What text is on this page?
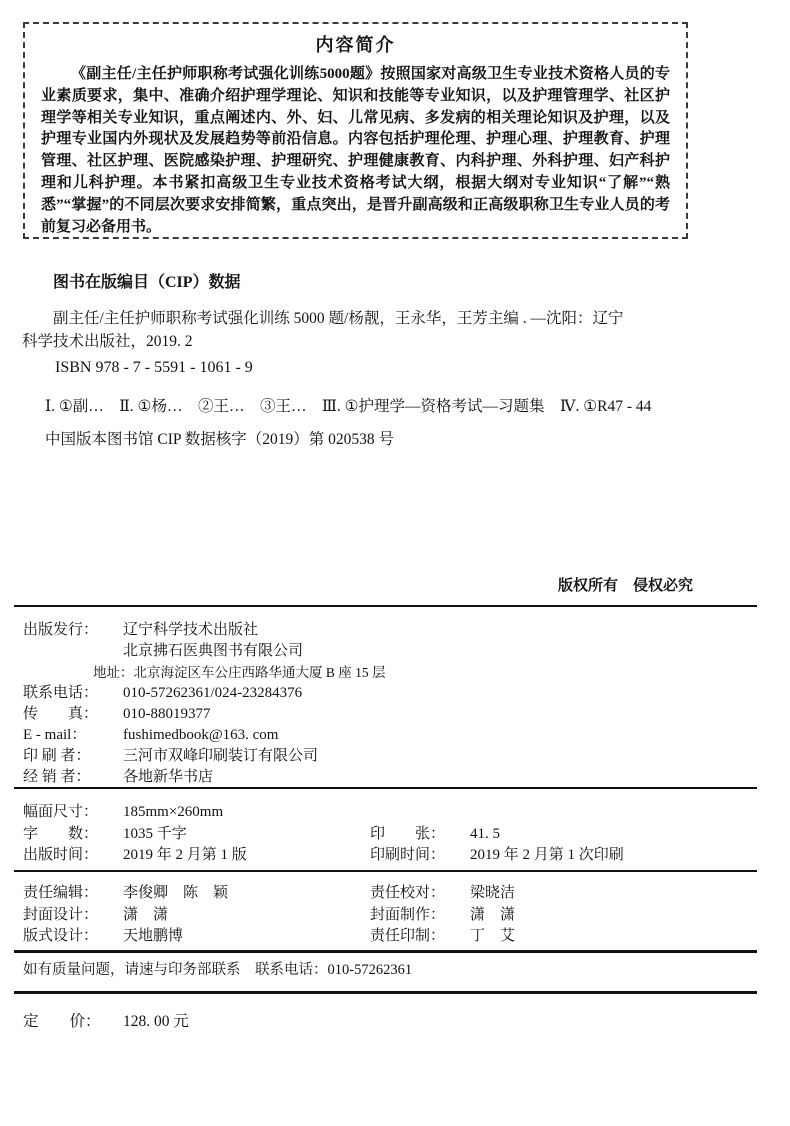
内容简介
《副主任/主任护师职称考试强化训练5000题》按照国家对高级卫生专业技术资格人员的专业素质要求，集中、准确介绍护理学理论、知识和技能等专业知识，以及护理管理学、社区护理学等相关专业知识，重点阐述内、外、妇、儿常见病、多发病的相关理论知识及护理，以及护理专业国内外现状及发展趋势等前沿信息。内容包括护理伦理、护理心理、护理教育、护理管理、社区护理、医院感染护理、护理研究、护理健康教育、内科护理、外科护理、妇产科护理和儿科护理。本书紧扣高级卫生专业技术资格考试大纲，根据大纲对专业知识“了解”“熟悉”“掌握”的不同层次要求安排简繁，重点突出，是晋升副高级和正高级职称卫生专业人员的考前复习必备用书。
图书在版编目（CIP）数据
副主任/主任护师职称考试强化训练 5000 题/杨靓，王永华，王芳主编 . —沈阳：辽宁
科学技术出版社，2019. 2
ISBN 978 - 7 - 5591 - 1061 - 9
Ⅰ. ①副…　Ⅱ. ①杨…　②王…　③王…　Ⅲ. ①护理学—资格考试—习题集　Ⅳ. ①R47 - 44
中国版本图书馆 CIP 数据核字（2019）第 020538 号
版权所有　侵权必究
出版发行： 辽宁科学技术出版社
北京拂石医典图书有限公司
地址：北京海淀区车公庄西路华通大厦 B 座 15 层
联系电话： 010-57262361/024-23284376
传　　真： 010-88019377
E - mail： fushimedbook@163. com
印 刷 者： 三河市双峰印刷装订有限公司
经 销 者： 各地新华书店
幅面尺寸： 185mm×260mm
字　　数： 1035 千字	印　　张： 41. 5
出版时间： 2019 年 2 月第 1 版	印刷时间： 2019 年 2 月第 1 次印刷
责任编辑： 李俊卿　陈　颖	责任校对： 梁晓洁
封面设计： 潇　潇	封面制作： 潇　潇
版式设计： 天地鹏博	责任印制： 丁　艾
如有质量问题，请速与印务部联系　联系电话：010-57262361
定　　价： 128. 00 元
